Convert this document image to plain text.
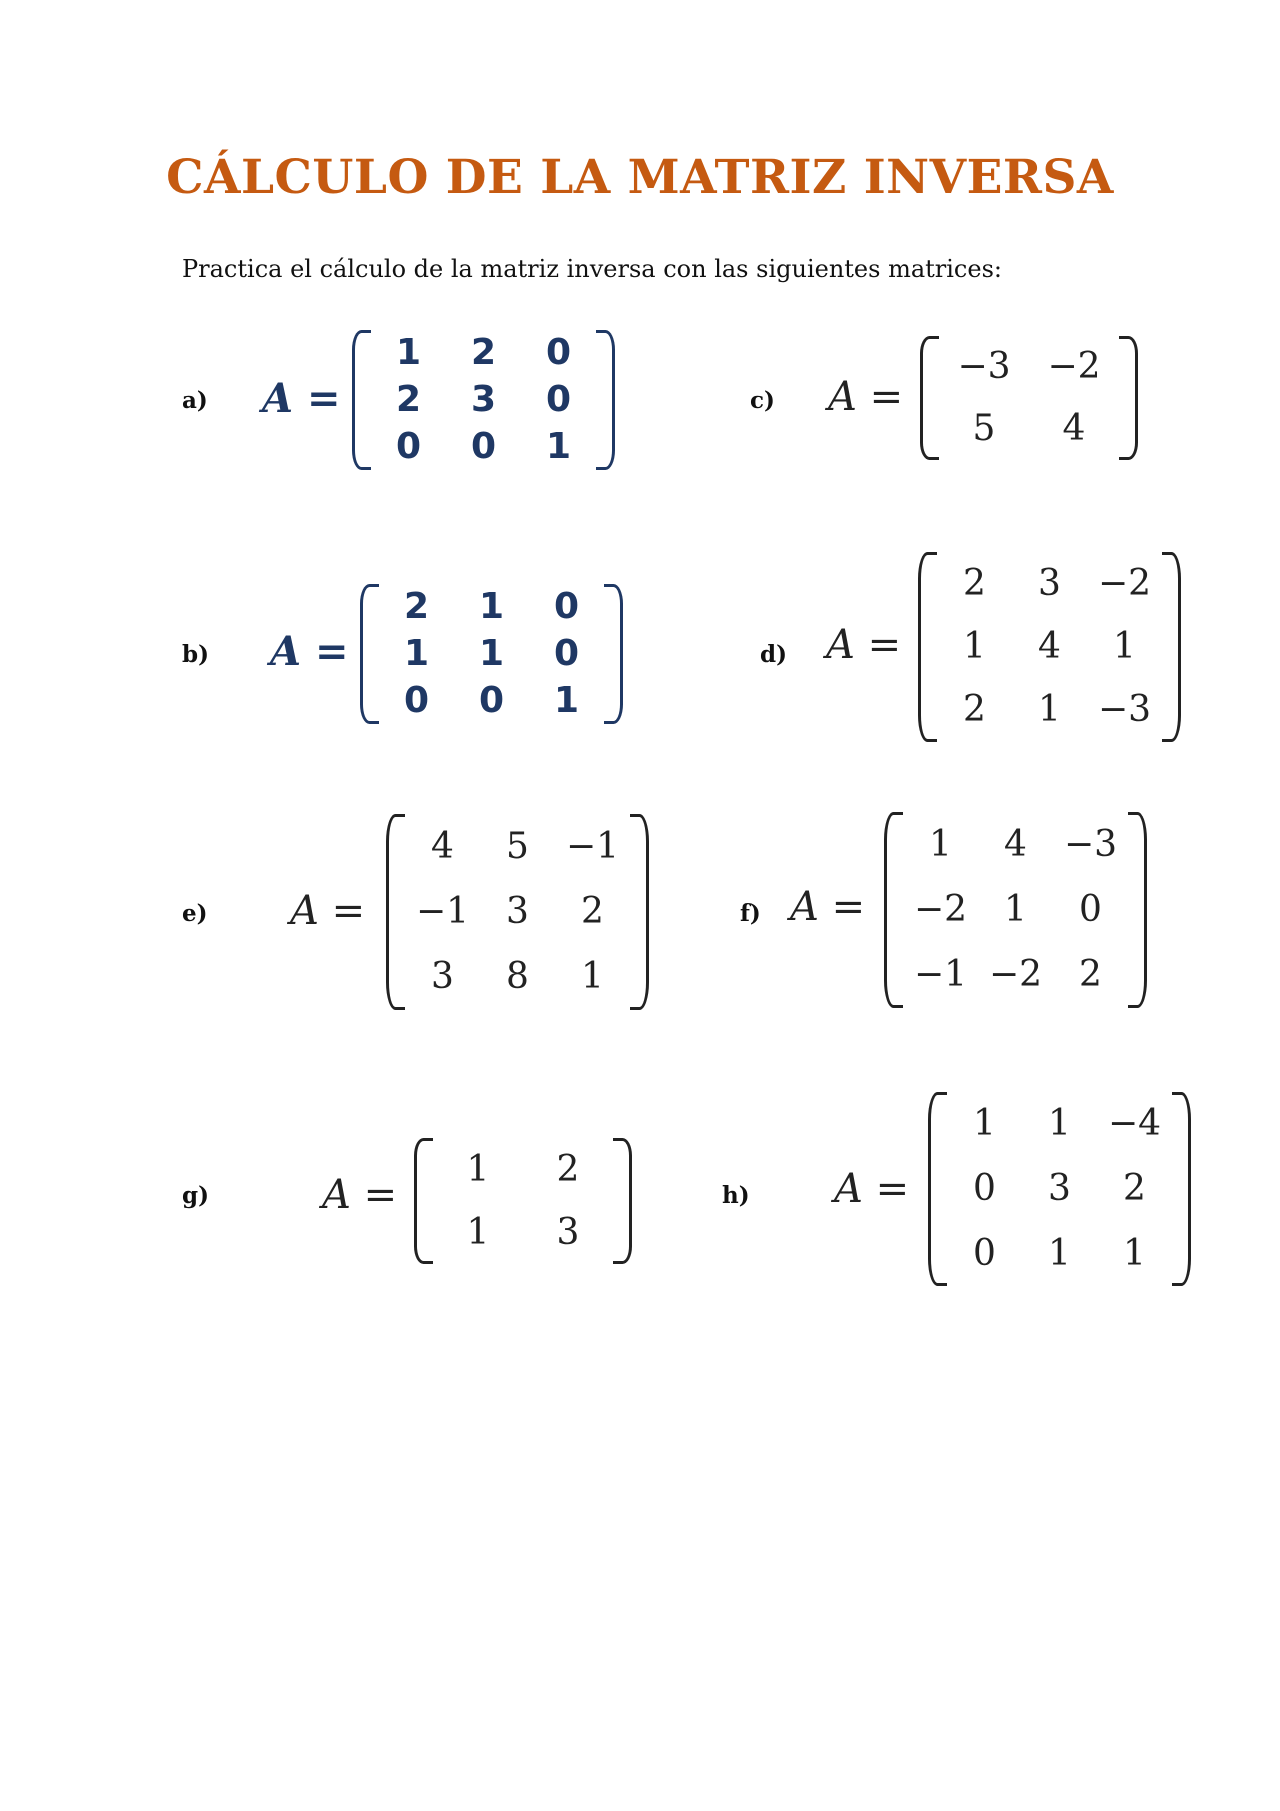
CÁLCULO DE LA MATRIZ INVERSA
Practica el cálculo de la matriz inversa con las siguientes matrices:
a) A =
1 2 0
2 3 0
0 0 1
b) A =
2 1 0
1 1 0
0 0 1
c) A =
−3 −2
5 4
d) A =
2 3 −2
1 4 1
2 1 −3
e) A =
4 5 −1
−1 3 2
3 8 1
f) A =
1 4 −3
−2 1 0
−1 −2 2
g)	A =
1 2
1 3
h) A =
1 1 −4
0 3 2
0 1 1
